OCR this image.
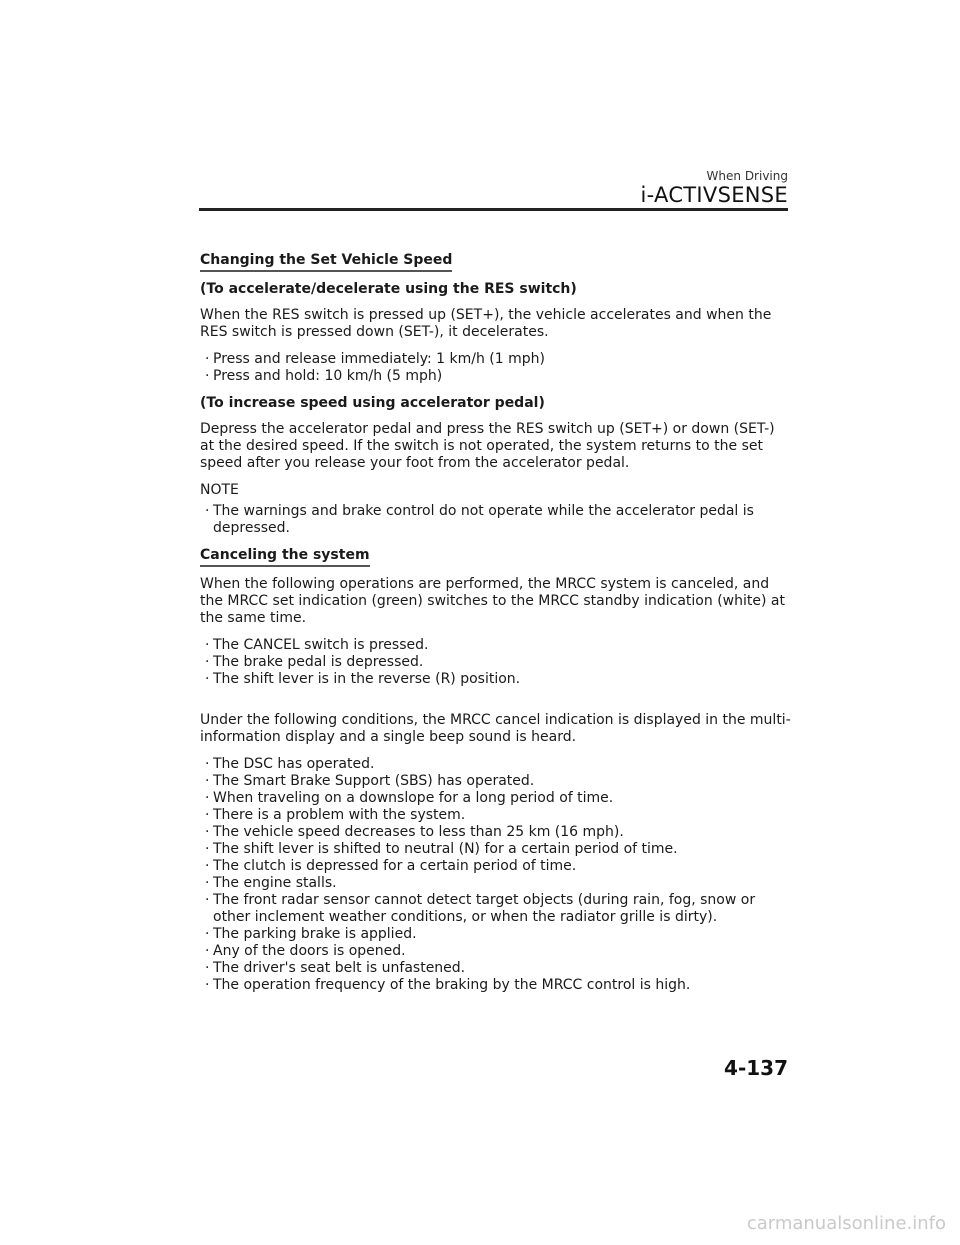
When Driving
i-ACTIVSENSE
Changing the Set Vehicle Speed
(To accelerate/decelerate using the RES switch)
When the RES switch is pressed up (SET+), the vehicle accelerates and when the RES switch is pressed down (SET-), it decelerates.
· Press and release immediately: 1 km/h (1 mph)
· Press and hold: 10 km/h (5 mph)
(To increase speed using accelerator pedal)
Depress the accelerator pedal and press the RES switch up (SET+) or down (SET-) at the desired speed. If the switch is not operated, the system returns to the set speed after you release your foot from the accelerator pedal.
NOTE
· The warnings and brake control do not operate while the accelerator pedal is depressed.
Canceling the system
When the following operations are performed, the MRCC system is canceled, and the MRCC set indication (green) switches to the MRCC standby indication (white) at the same time.
· The CANCEL switch is pressed.
· The brake pedal is depressed.
· The shift lever is in the reverse (R) position.
Under the following conditions, the MRCC cancel indication is displayed in the multi-information display and a single beep sound is heard.
· The DSC has operated.
· The Smart Brake Support (SBS) has operated.
· When traveling on a downslope for a long period of time.
· There is a problem with the system.
· The vehicle speed decreases to less than 25 km (16 mph).
· The shift lever is shifted to neutral (N) for a certain period of time.
· The clutch is depressed for a certain period of time.
· The engine stalls.
· The front radar sensor cannot detect target objects (during rain, fog, snow or other inclement weather conditions, or when the radiator grille is dirty).
· The parking brake is applied.
· Any of the doors is opened.
· The driver's seat belt is unfastened.
· The operation frequency of the braking by the MRCC control is high.
4-137
carmanualsonline.info
